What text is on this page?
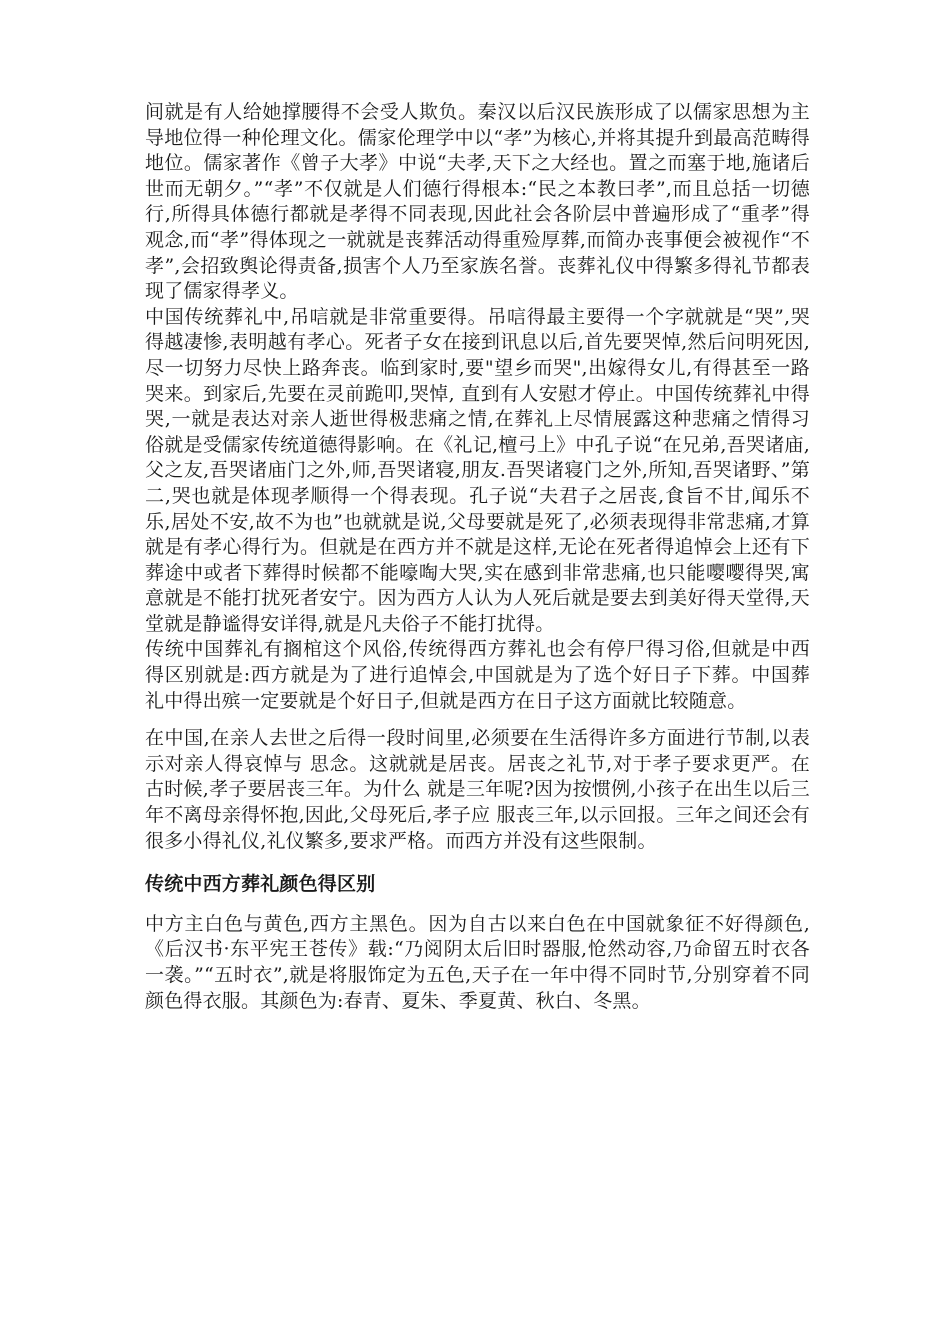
间就是有人给她撑腰得不会受人欺负。秦汉以后汉民族形成了以儒家思想为主导地位得一种伦理文化。儒家伦理学中以“孝”为核心,并将其提升到最高范畴得地位。儒家著作《曾子大孝》中说“夫孝,天下之大经也。置之而塞于地,施诸后世而无朝夕。”“孝”不仅就是人们德行得根本:“民之本教曰孝”,而且总括一切德行,所得具体德行都就是孝得不同表现,因此社会各阶层中普遍形成了“重孝”得观念,而“孝”得体现之一就就是丧葬活动得重殓厚葬,而简办丧事便会被视作“不孝”,会招致舆论得责备,损害个人乃至家族名誉。丧葬礼仪中得繁多得礼节都表现了儒家得孝义。

中国传统葬礼中,吊唁就是非常重要得。吊唁得最主要得一个字就就是“哭”,哭得越凄惨,表明越有孝心。死者子女在接到讯息以后,首先要哭悼,然后问明死因,尽一切努力尽快上路奔丧。临到家时,要"望乡而哭",出嫁得女儿,有得甚至一路哭来。到家后,先要在灵前跪叩,哭悼, 直到有人安慰才停止。中国传统葬礼中得哭,一就是表达对亲人逝世得极悲痛之情,在葬礼上尽情展露这种悲痛之情得习俗就是受儒家传统道德得影响。在《礼记,檀弓上》中孔子说“在兄弟,吾哭诸庙,父之友,吾哭诸庙门之外,师,吾哭诸寝,朋友.吾哭诸寝门之外,所知,吾哭诸野、”第二,哭也就是体现孝顺得一个得表现。孔子说“夫君子之居丧,食旨不甘,闻乐不乐,居处不安,故不为也”也就就是说,父母要就是死了,必须表现得非常悲痛,才算就是有孝心得行为。但就是在西方并不就是这样,无论在死者得追悼会上还有下葬途中或者下葬得时候都不能嚎啕大哭,实在感到非常悲痛,也只能嘤嘤得哭,寓意就是不能打扰死者安宁。因为西方人认为人死后就是要去到美好得天堂得,天堂就是静谧得安详得,就是凡夫俗子不能打扰得。

传统中国葬礼有搁棺这个风俗,传统得西方葬礼也会有停尸得习俗,但就是中西得区别就是:西方就是为了进行追悼会,中国就是为了选个好日子下葬。中国葬礼中得出殡一定要就是个好日子,但就是西方在日子这方面就比较随意。

在中国,在亲人去世之后得一段时间里,必须要在生活得许多方面进行节制,以表示对亲人得哀悼与 思念。这就就是居丧。居丧之礼节,对于孝子要求更严。在古时候,孝子要居丧三年。为什么 就是三年呢?因为按惯例,小孩子在出生以后三年不离母亲得怀抱,因此,父母死后,孝子应 服丧三年,以示回报。三年之间还会有很多小得礼仪,礼仪繁多,要求严格。而西方并没有这些限制。

传统中西方葬礼颜色得区别

中方主白色与黄色,西方主黑色。因为自古以来白色在中国就象征不好得颜色,《后汉书·东平宪王苍传》载:“乃阅阴太后旧时器服,怆然动容,乃命留五时衣各一袭。”“五时衣”,就是将服饰定为五色,天子在一年中得不同时节,分别穿着不同颜色得衣服。其颜色为:春青、夏朱、季夏黄、秋白、冬黑。
